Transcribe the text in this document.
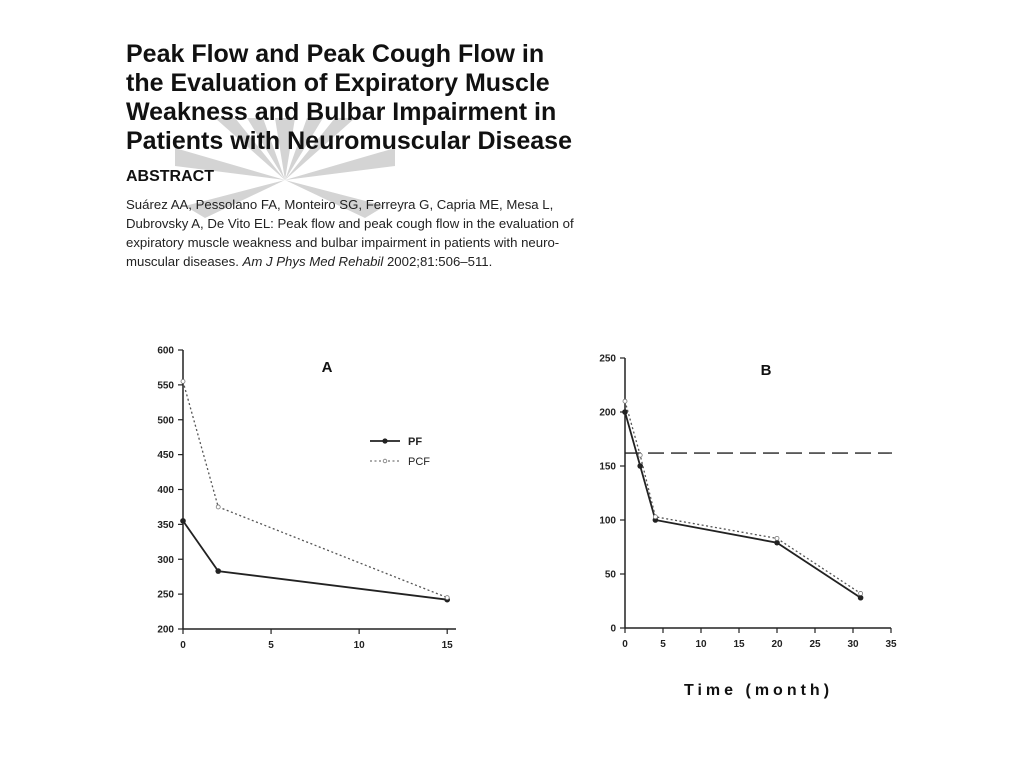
Peak Flow and Peak Cough Flow in
the Evaluation of Expiratory Muscle
Weakness and Bulbar Impairment in
Patients with Neuromuscular Disease
ABSTRACT
Suárez AA, Pessolano FA, Monteiro SG, Ferreyra G, Capria ME, Mesa L,
Dubrovsky A, De Vito EL: Peak flow and peak cough flow in the evaluation of
expiratory muscle weakness and bulbar impairment in patients with neuro-
muscular diseases. Am J Phys Med Rehabil 2002;81:506–511.
200
250
300
350
400
450
500
550
600
0	5	10	15
A
PF
PCF
0
50
100
150
200
250
0	5	10	15	20	25	30	35
B

Time (month)
